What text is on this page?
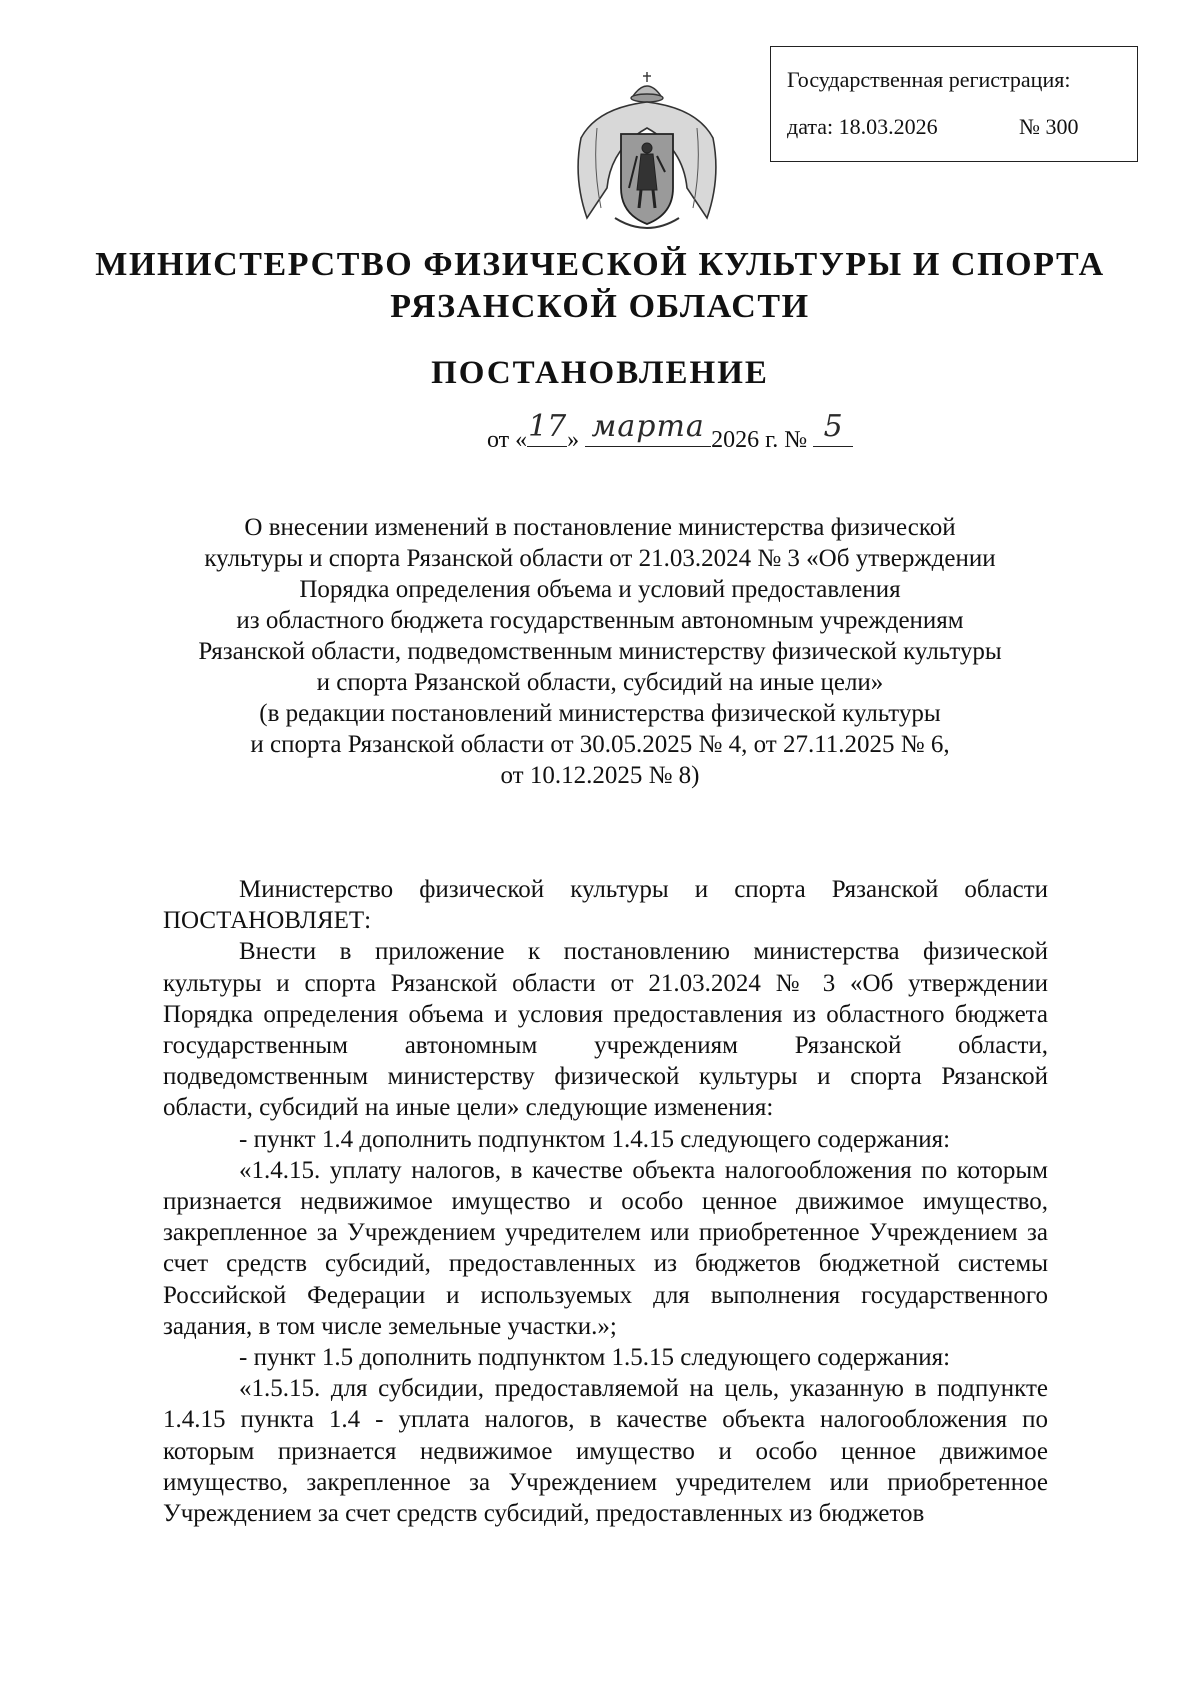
Государственная регистрация:
дата: 18.03.2026	№ 300
МИНИСТЕРСТВО ФИЗИЧЕСКОЙ КУЛЬТУРЫ И СПОРТА
РЯЗАНСКОЙ ОБЛАСТИ
ПОСТАНОВЛЕНИЕ
от « 17 » марта 2026 г. № 5
О внесении изменений в постановление министерства физической
культуры и спорта Рязанской области от 21.03.2024 № 3 «Об утверждении
Порядка определения объема и условий предоставления
из областного бюджета государственным автономным учреждениям
Рязанской области, подведомственным министерству физической культуры
и спорта Рязанской области, субсидий на иные цели»
(в редакции постановлений министерства физической культуры
и спорта Рязанской области от 30.05.2025 № 4, от 27.11.2025 № 6,
от 10.12.2025 № 8)

Министерство физической культуры и спорта Рязанской области ПОСТАНОВЛЯЕТ:

Внести в приложение к постановлению министерства физической культуры и спорта Рязанской области от 21.03.2024 № 3 «Об утверждении Порядка определения объема и условия предоставления из областного бюджета государственным автономным учреждениям Рязанской области, подведомственным министерству физической культуры и спорта Рязанской области, субсидий на иные цели» следующие изменения:

- пункт 1.4 дополнить подпунктом 1.4.15 следующего содержания:

«1.4.15. уплату налогов, в качестве объекта налогообложения по которым признается недвижимое имущество и особо ценное движимое имущество, закрепленное за Учреждением учредителем или приобретенное Учреждением за счет средств субсидий, предоставленных из бюджетов бюджетной системы Российской Федерации и используемых для выполнения государственного задания, в том числе земельные участки.»;

- пункт 1.5 дополнить подпунктом 1.5.15 следующего содержания:

«1.5.15. для субсидии, предоставляемой на цель, указанную в подпункте 1.4.15 пункта 1.4 - уплата налогов, в качестве объекта налогообложения по которым признается недвижимое имущество и особо ценное движимое имущество, закрепленное за Учреждением учредителем или приобретенное Учреждением за счет средств субсидий, предоставленных из бюджетов
